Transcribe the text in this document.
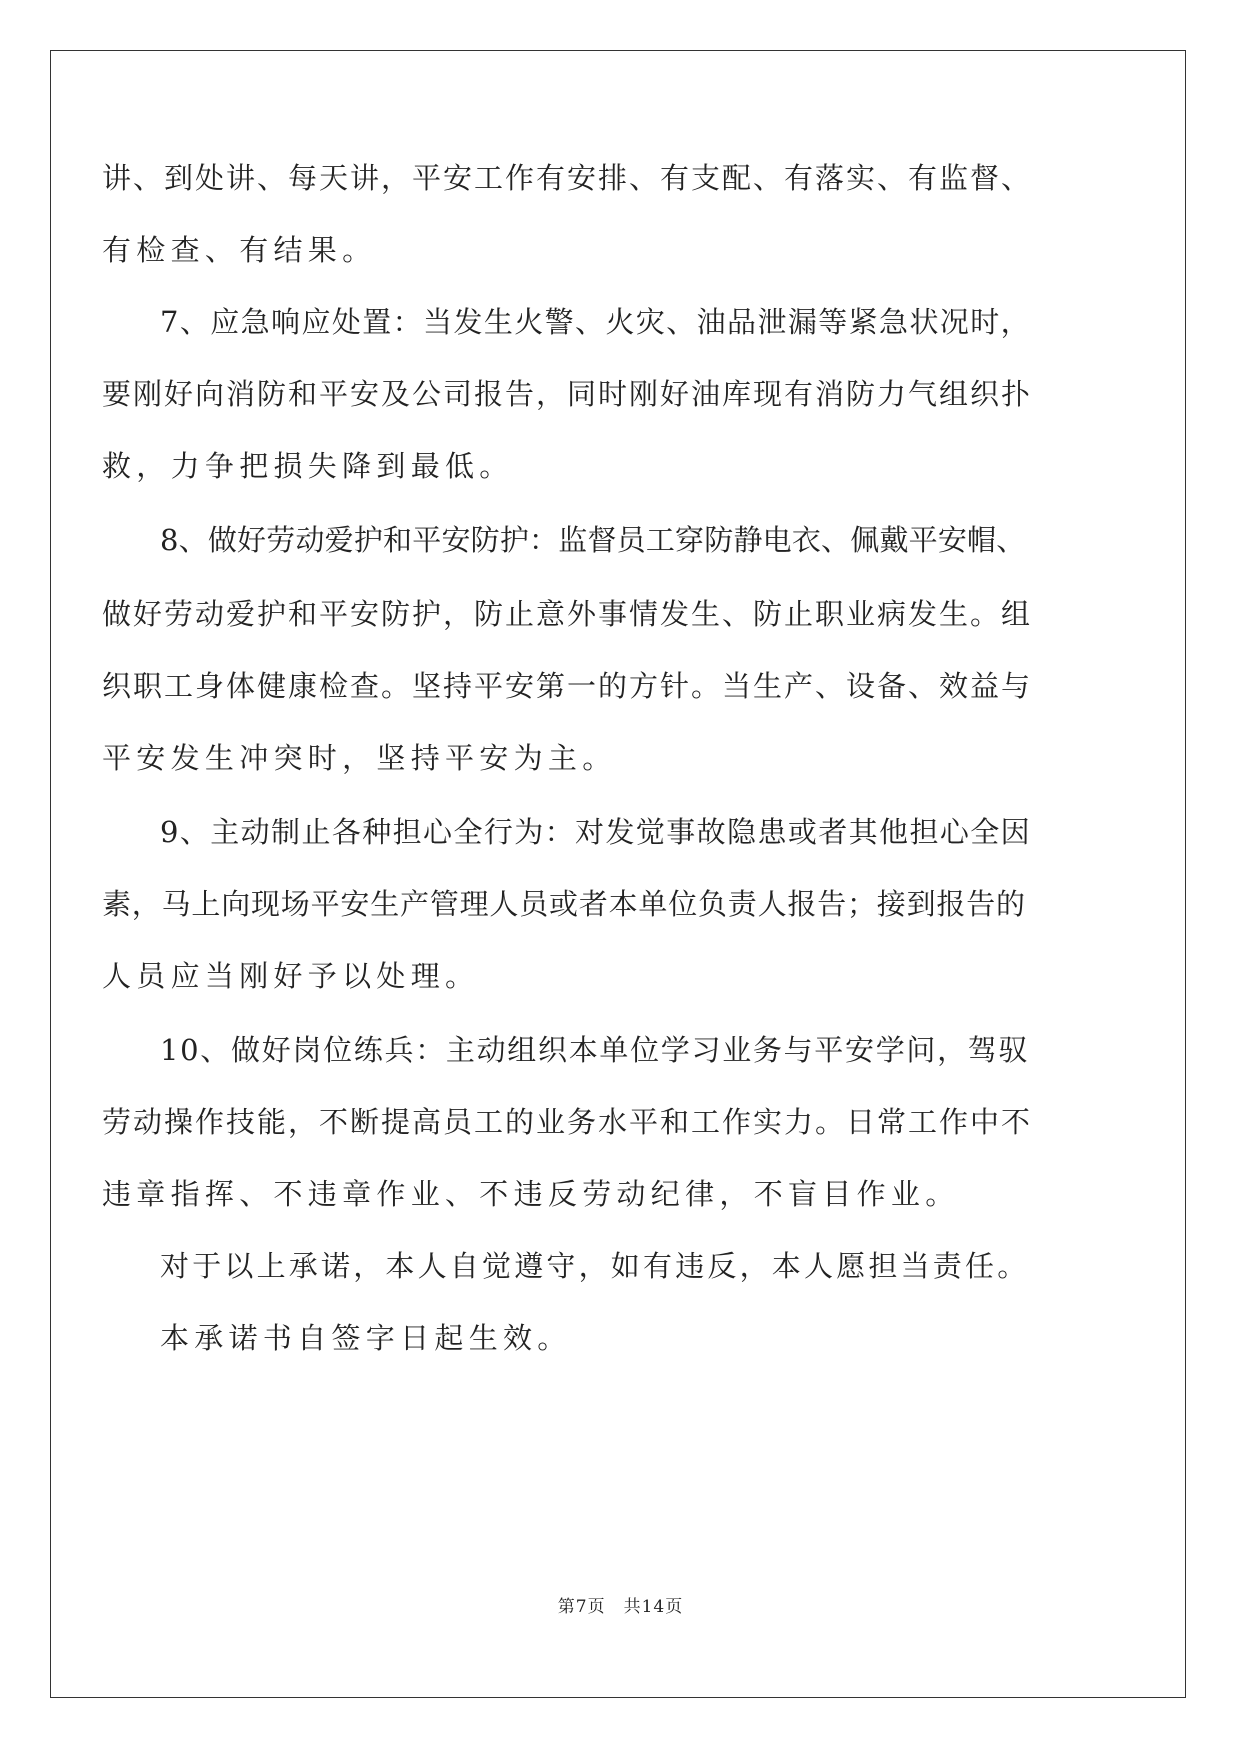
讲、到处讲、每天讲，平安工作有安排、有支配、有落实、有监督、
有检查、有结果。
7、应急响应处置：当发生火警、火灾、油品泄漏等紧急状况时，
要刚好向消防和平安及公司报告，同时刚好油库现有消防力气组织扑
救，力争把损失降到最低。
8、做好劳动爱护和平安防护：监督员工穿防静电衣、佩戴平安帽、
做好劳动爱护和平安防护，防止意外事情发生、防止职业病发生。组
织职工身体健康检查。坚持平安第一的方针。当生产、设备、效益与
平安发生冲突时，坚持平安为主。
9、主动制止各种担心全行为：对发觉事故隐患或者其他担心全因
素，马上向现场平安生产管理人员或者本单位负责人报告；接到报告的
人员应当刚好予以处理。
10、做好岗位练兵：主动组织本单位学习业务与平安学问，驾驭
劳动操作技能，不断提高员工的业务水平和工作实力。日常工作中不
违章指挥、不违章作业、不违反劳动纪律，不盲目作业。
对于以上承诺，本人自觉遵守，如有违反，本人愿担当责任。
本承诺书自签字日起生效。
第7页　共14页
